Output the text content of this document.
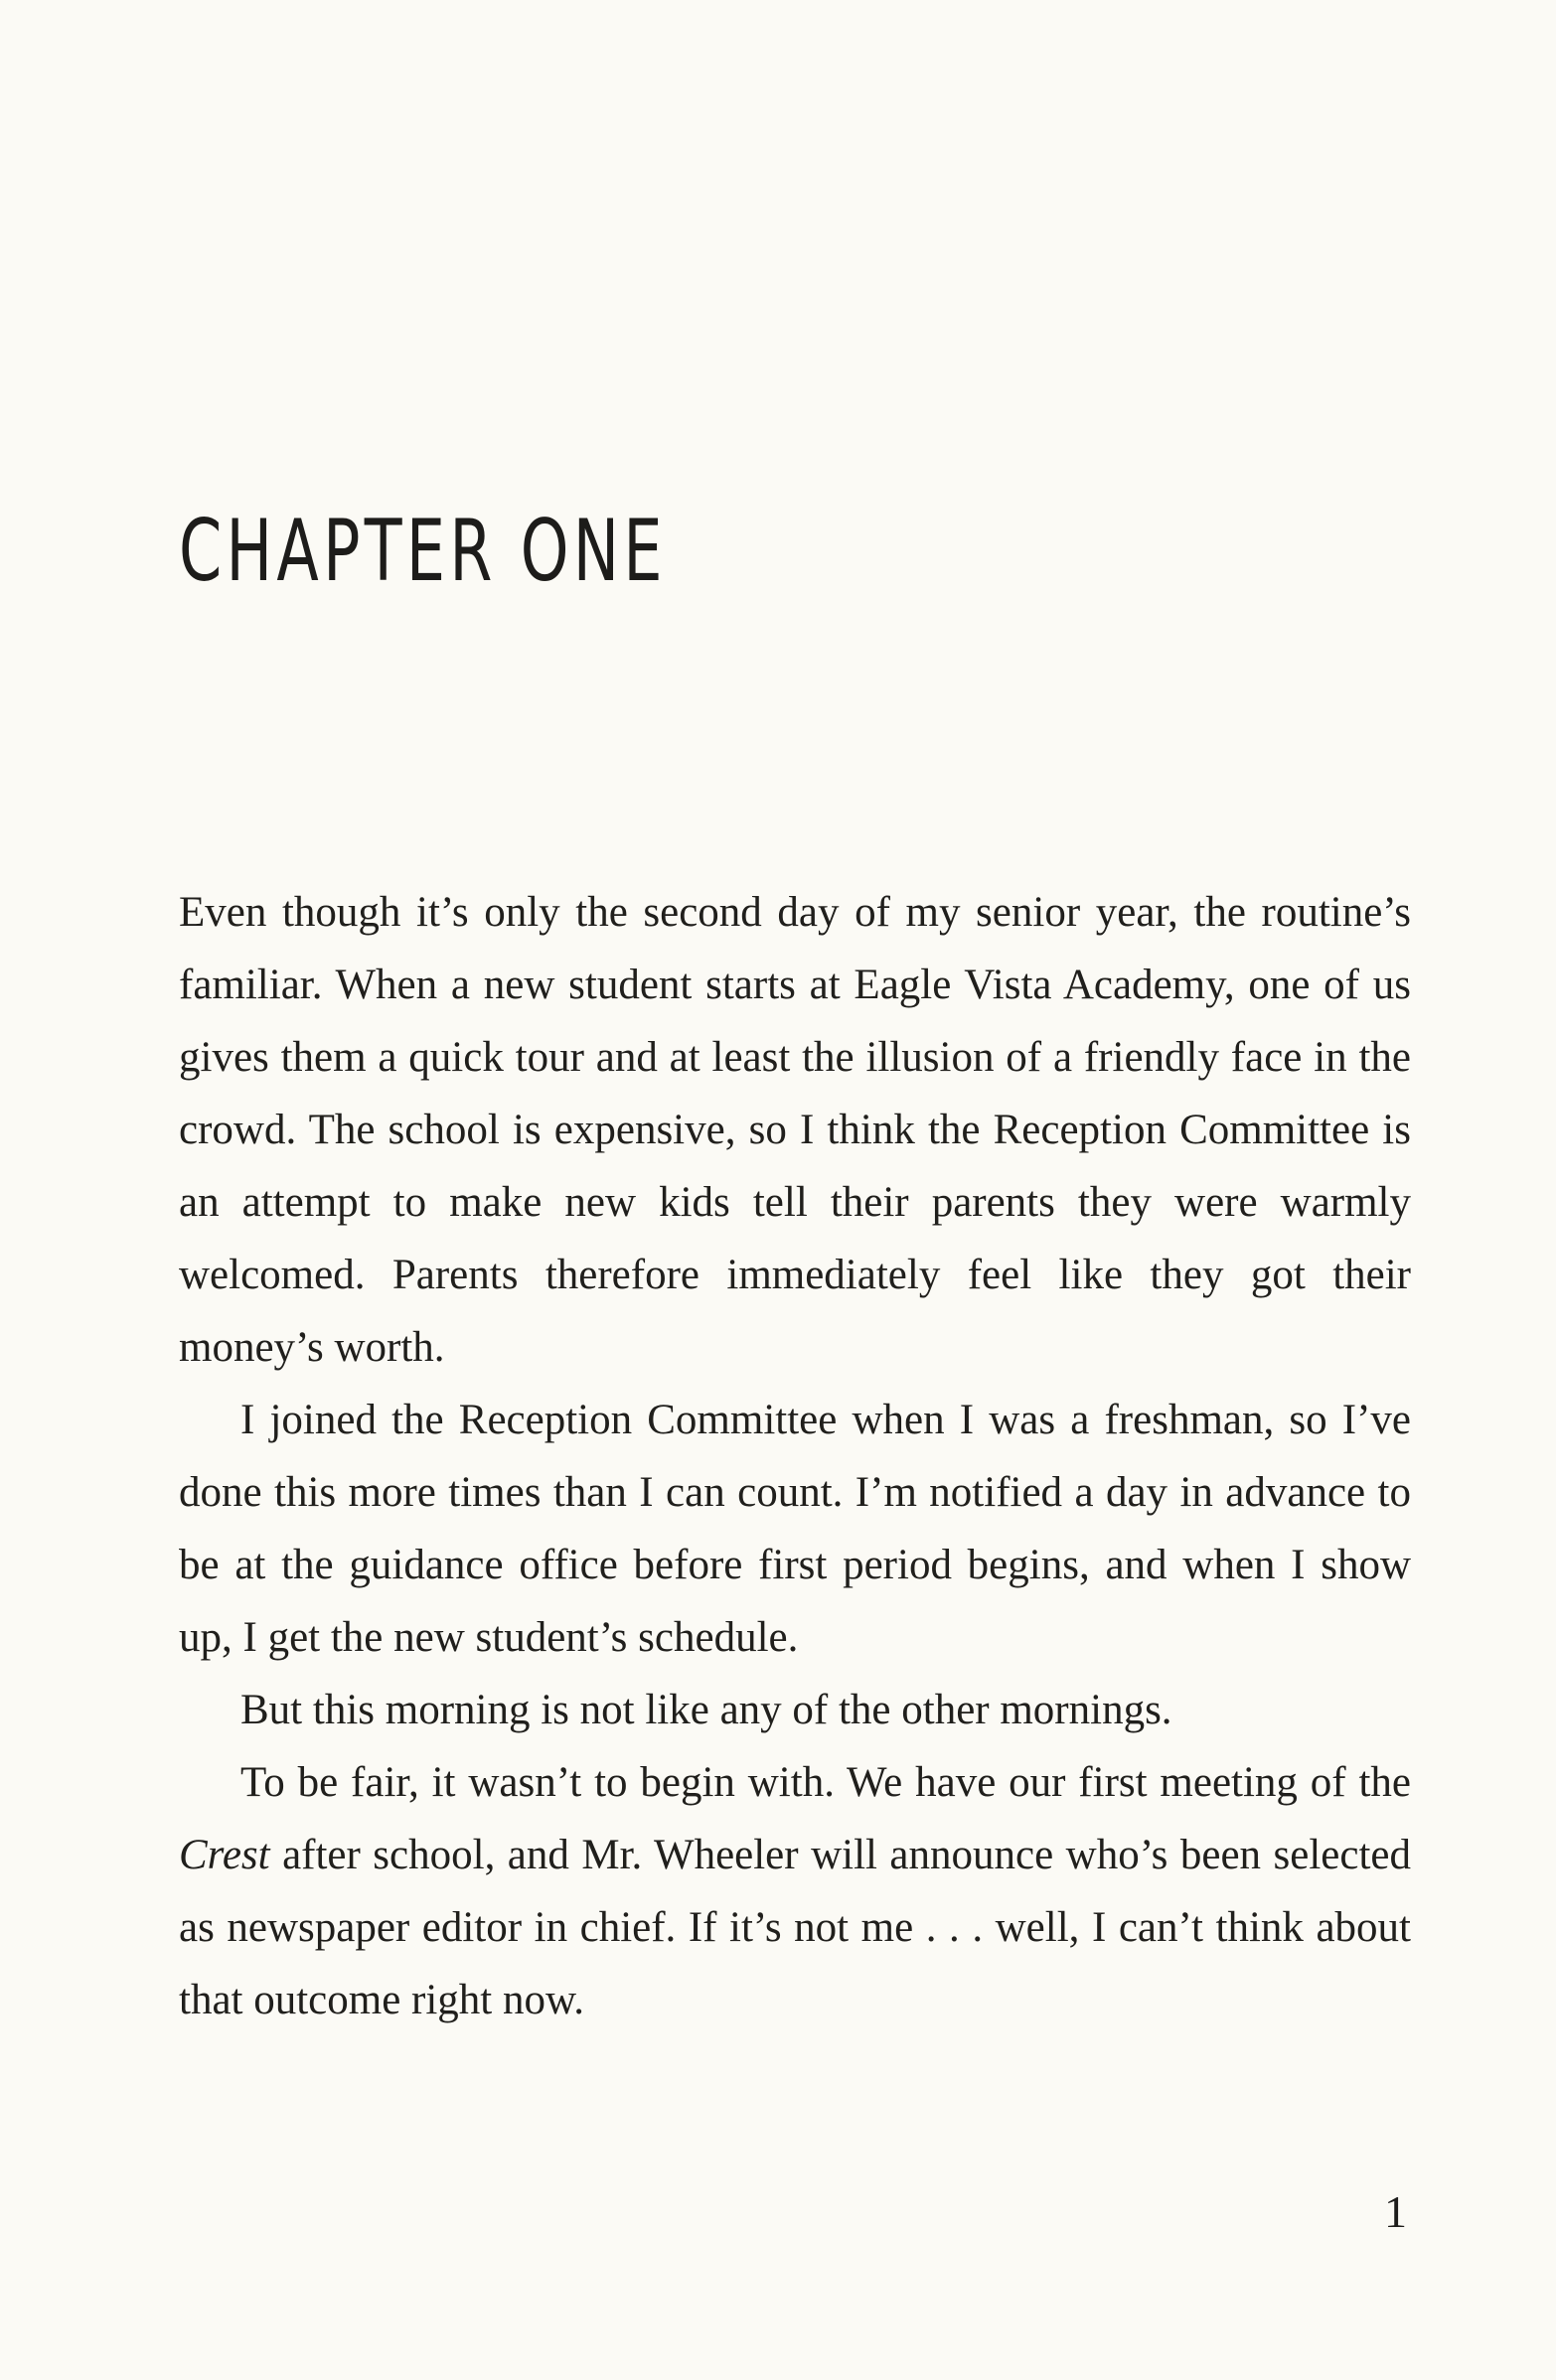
CHAPTER ONE

Even though it’s only the second day of my senior year, the routine’s familiar. When a new student starts at Eagle Vista Academy, one of us gives them a quick tour and at least the illusion of a friendly face in the crowd. The school is expensive, so I think the Reception Committee is an attempt to make new kids tell their parents they were warmly welcomed. Parents therefore immediately feel like they got their money’s worth.

I joined the Reception Committee when I was a freshman, so I’ve done this more times than I can count. I’m notified a day in advance to be at the guidance office before first period begins, and when I show up, I get the new student’s schedule.

But this morning is not like any of the other mornings.

To be fair, it wasn’t to begin with. We have our first meeting of the Crest after school, and Mr. Wheeler will announce who’s been selected as newspaper editor in chief. If it’s not me . . . well, I can’t think about that outcome right now.

1
